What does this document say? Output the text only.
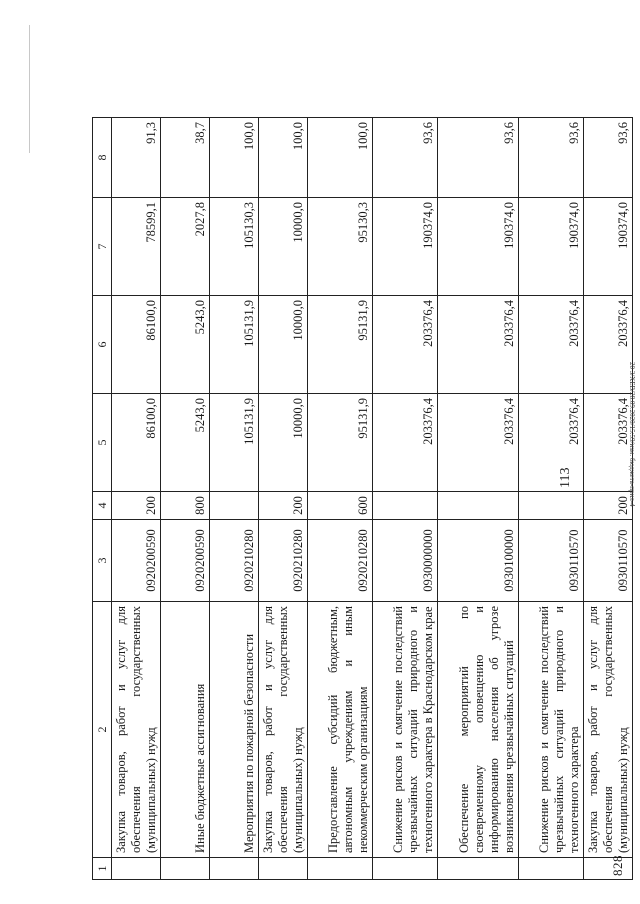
1	2	3	4	5	6	7	8
	Закупка товаров, работ и услуг для обеспечения государственных (муниципальных) нужд	0920200590	200	86100,0	86100,0	78599,1	91,3
	Иные бюджетные ассигнования	0920200590	800	5243,0	5243,0	2027,8	38,7
	Мероприятия по пожарной безопасности	0920210280		105131,9	105131,9	105130,3	100,0
	Закупка товаров, работ и услуг для обеспечения государственных (муниципальных) нужд	0920210280	200	10000,0	10000,0	10000,0	100,0
	Предоставление субсидий бюджетным, автономным учреждениям и иным некоммерческим организациям	0920210280	600	95131,9	95131,9	95130,3	100,0
	Снижение рисков и смягчение последствий чрезвычайных ситуаций природного и техногенного характера в Краснодарском крае	0930000000		203376,4	203376,4	190374,0	93,6
	Обеспечение мероприятий по своевременному оповещению и информированию населения об угрозе возникновения чрезвычайных ситуаций	0930100000		203376,4	203376,4	190374,0	93,6
	Снижение рисков и смягчение последствий чрезвычайных ситуаций природного и техногенного характера	0930110570		203376,4	203376,4	190374,0	93,6
	Закупка товаров, работ и услуг для обеспечения государственных (муниципальных) нужд	0930110570	200	203376,4	203376,4	190374,0	93,6
113
828
20 3/ХЕВ/28.09.2020/15:59/изм. бюджета-прил-4
